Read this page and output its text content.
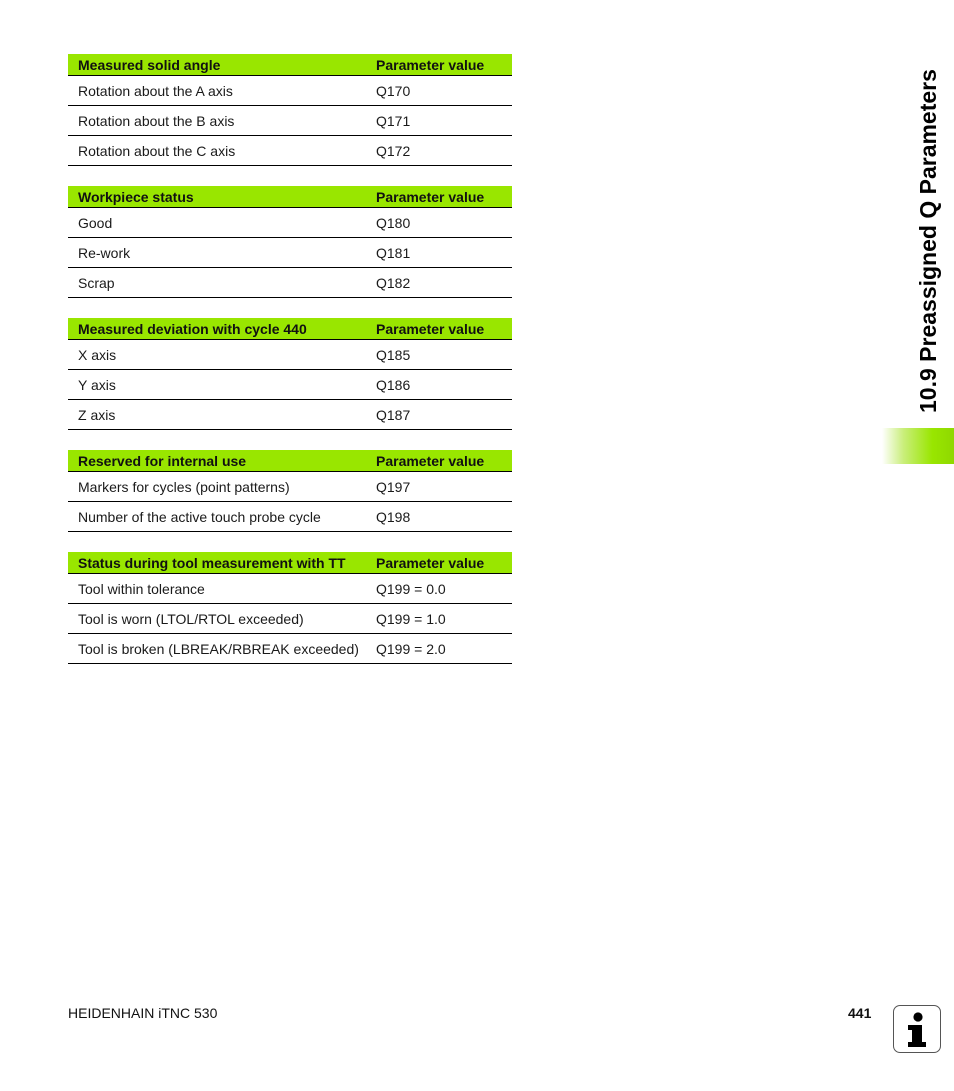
Measured solid angle	Parameter value
Rotation about the A axis	Q170
Rotation about the B axis	Q171
Rotation about the C axis	Q172
Workpiece status	Parameter value
Good	Q180
Re-work	Q181
Scrap	Q182
Measured deviation with cycle 440	Parameter value
X axis	Q185
Y axis	Q186
Z axis	Q187
Reserved for internal use	Parameter value
Markers for cycles (point patterns)	Q197
Number of the active touch probe cycle	Q198
Status during tool measurement with TT	Parameter value
Tool within tolerance	Q199 = 0.0
Tool is worn (LTOL/RTOL exceeded)	Q199 = 1.0
Tool is broken (LBREAK/RBREAK exceeded)	Q199 = 2.0
10.9 Preassigned Q Parameters
HEIDENHAIN iTNC 530	441
